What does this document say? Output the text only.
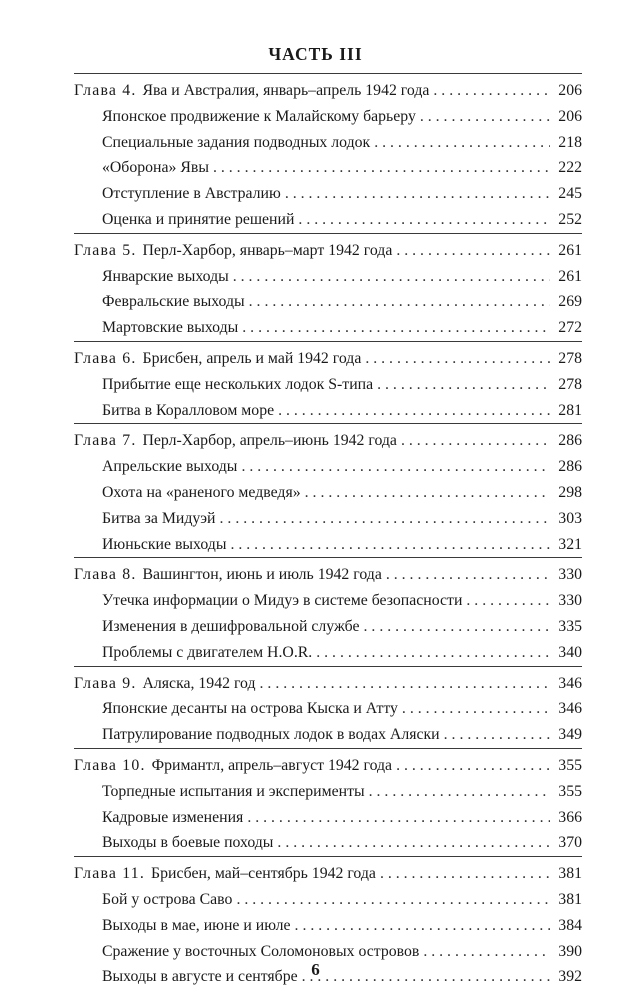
ЧАСТЬ III
Глава 4. Ява и Австралия, январь–апрель 1942 года . . .	206
Японское продвижение к Малайскому барьеру . . .	206
Специальные задания подводных лодок . . .	218
«Оборона» Явы . . .	222
Отступление в Австралию . . .	245
Оценка и принятие решений . . .	252
Глава 5. Перл-Харбор, январь–март 1942 года . . .	261
Январские выходы . . .	261
Февральские выходы . . .	269
Мартовские выходы . . .	272
Глава 6. Брисбен, апрель и май 1942 года . . .	278
Прибытие еще нескольких лодок S-типа . . .	278
Битва в Коралловом море . . .	281
Глава 7. Перл-Харбор, апрель–июнь 1942 года . . .	286
Апрельские выходы . . .	286
Охота на «раненого медведя» . . .	298
Битва за Мидуэй . . .	303
Июньские выходы . . .	321
Глава 8. Вашингтон, июнь и июль 1942 года . . .	330
Утечка информации о Мидуэ в системе безопасности . . .	330
Изменения в дешифровальной службе . . .	335
Проблемы с двигателем H.O.R. . . .	340
Глава 9. Аляска, 1942 год . . .	346
Японские десанты на острова Кыска и Атту . . .	346
Патрулирование подводных лодок в водах Аляски . . .	349
Глава 10. Фримантл, апрель–август 1942 года . . .	355
Торпедные испытания и эксперименты . . .	355
Кадровые изменения . . .	366
Выходы в боевые походы . . .	370
Глава 11. Брисбен, май–сентябрь 1942 года . . .	381
Бой у острова Саво . . .	381
Выходы в мае, июне и июле . . .	384
Сражение у восточных Соломоновых островов . . .	390
Выходы в августе и сентябре . . .	392
6
